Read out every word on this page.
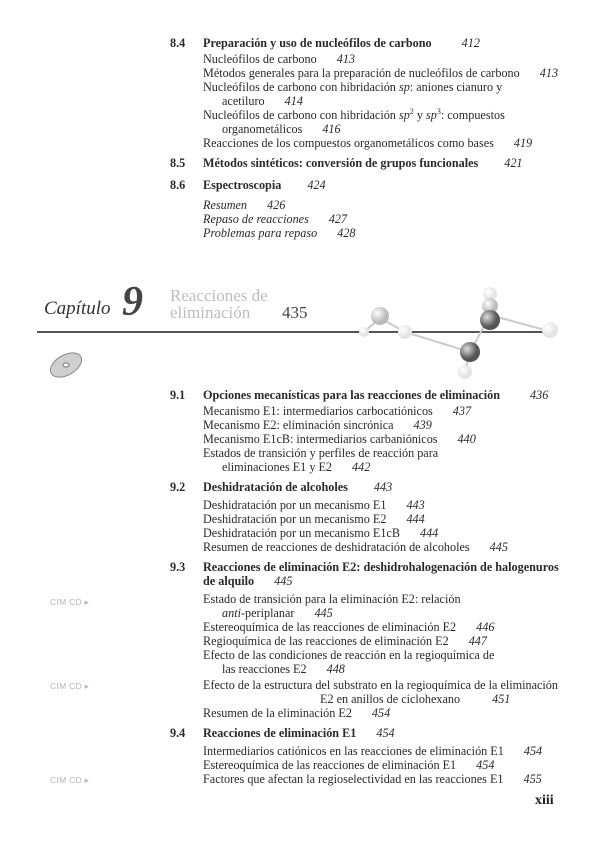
8.4 Preparación y uso de nucleófilos de carbono 412
Nucleófilos de carbono 413
Métodos generales para la preparación de nucleófilos de carbono 413
Nucleófilos de carbono con hibridación sp: aniones cianuro y
acetiluro 414
Nucleófilos de carbono con hibridación $sp^2$ y $sp^3$: compuestos
organometálicos 416
Reacciones de los compuestos organometálicos como bases 419
8.5 Métodos sintéticos: conversión de grupos funcionales 421
8.6 Espectroscopia 424
Resumen 426
Repaso de reacciones 427
Problemas para repaso 428
Capítulo 9 Reacciones de
eliminación	435
9.1 Opciones mecanísticas para las reacciones de eliminación 436
Mecanismo E1: intermediarios carbocatiónicos 437
Mecanismo E2: eliminación sincrónica 439
Mecanismo E1cB: intermediarios carbaniónicos 440
Estados de transición y perfiles de reacción para
eliminaciones E1 y E2 442
9.2 Deshidratación de alcoholes 443
Deshidratación por un mecanismo E1 443
Deshidratación por un mecanismo E2 444
Deshidratación por un mecanismo E1cB 444
Resumen de reacciones de deshidratación de alcoholes 445
9.3 Reacciones de eliminación E2: deshidrohalogenación de halogenuros
de alquilo 445
CIM CD ▸	Estado de transición para la eliminación E2: relación
anti-periplanar 445
Estereoquímica de las reacciones de eliminación E2 446
Regioquímica de las reacciones de eliminación E2 447
Efecto de las condiciones de reacción en la regioquímica de
las reacciones E2 448
CIM CD ▸	Efecto de la estructura del substrato en la regioquímica de la eliminación
E2 en anillos de ciclohexano	451
Resumen de la eliminación E2 454
9.4 Reacciones de eliminación E1 454
Intermediarios catiónicos en las reacciones de eliminación E1 454
Estereoquímica de las reacciones de eliminación E1 454
CIM CD ▸	Factores que afectan la regioselectividad en las reacciones E1 455
xiii
